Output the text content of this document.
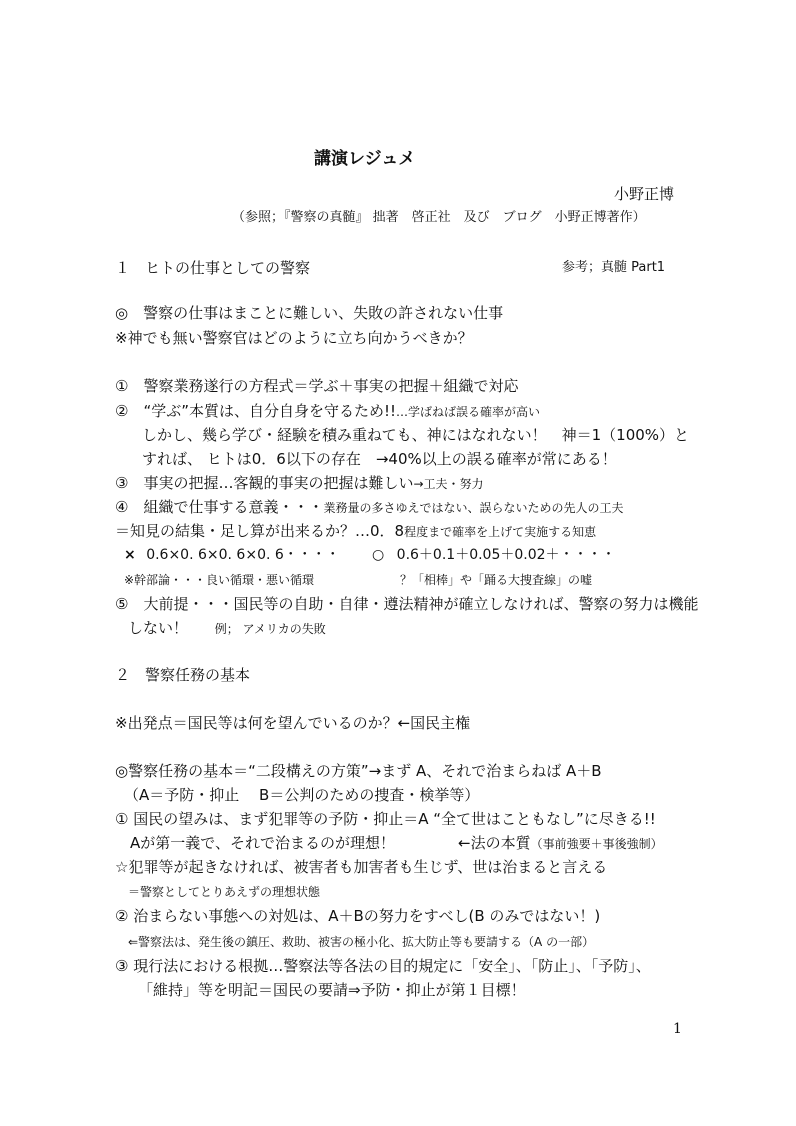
講演レジュメ
小野正博
（参照；『警察の真髄』 拙著　啓正社　及び　ブログ　小野正博著作）
１　ヒトの仕事としての警察	参考；真髄 Part1
◎　警察の仕事はまことに難しい、失敗の許されない仕事
※神でも無い警察官はどのように立ち向かうべきか？
①　警察業務遂行の方程式＝学ぶ＋事実の把握＋組織で対応
②　“学ぶ”本質は、自分自身を守るため!!…学ばねば誤る確率が高い
しかし、幾ら学び・経験を積み重ねても、神にはなれない！　神＝1（100%）と
すれば、 ヒトは0．6以下の存在　→40%以上の誤る確率が常にある！
③　事実の把握…客観的事実の把握は難しい→工夫・努力
④　組織で仕事する意義・・・業務量の多さゆえではない、誤らないための先人の工夫
＝知見の結集・足し算が出来るか？…0．8程度まで確率を上げて実施する知恵
× 0.6×0. 6×0. 6×0. 6・・・・ ○ 0.6＋0.1＋0.05＋0.02＋・・・・
※幹部論・・・良い循環・悪い循環	？「相棒」や「踊る大捜査線」の嘘
⑤　大前提・・・国民等の自助・自律・遵法精神が確立しなければ、警察の努力は機能
しない！ 例； アメリカの失敗
２　警察任務の基本
※出発点＝国民等は何を望んでいるのか？←国民主権
◎警察任務の基本＝“二段構えの方策”→まず A、それで治まらねば A＋B
（A＝予防・抑止　 B＝公判のための捜査・検挙等）
① 国民の望みは、まず犯罪等の予防・抑止＝A “全て世はこともなし”に尽きる!!
Aが第一義で、それで治まるのが理想！	←法の本質（事前強要＋事後強制）
☆犯罪等が起きなければ、被害者も加害者も生じず、世は治まると言える
＝警察としてとりあえずの理想状態
② 治まらない事態への対処は、A＋Bの努力をすべし(B のみではない！)
⇐警察法は、発生後の鎮圧、救助、被害の極小化、拡大防止等も要請する（A の一部）
③ 現行法における根拠…警察法等各法の目的規定に「安全」、「防止」、「予防」、
「維持」等を明記＝国民の要請⇒予防・抑止が第１目標！
1
